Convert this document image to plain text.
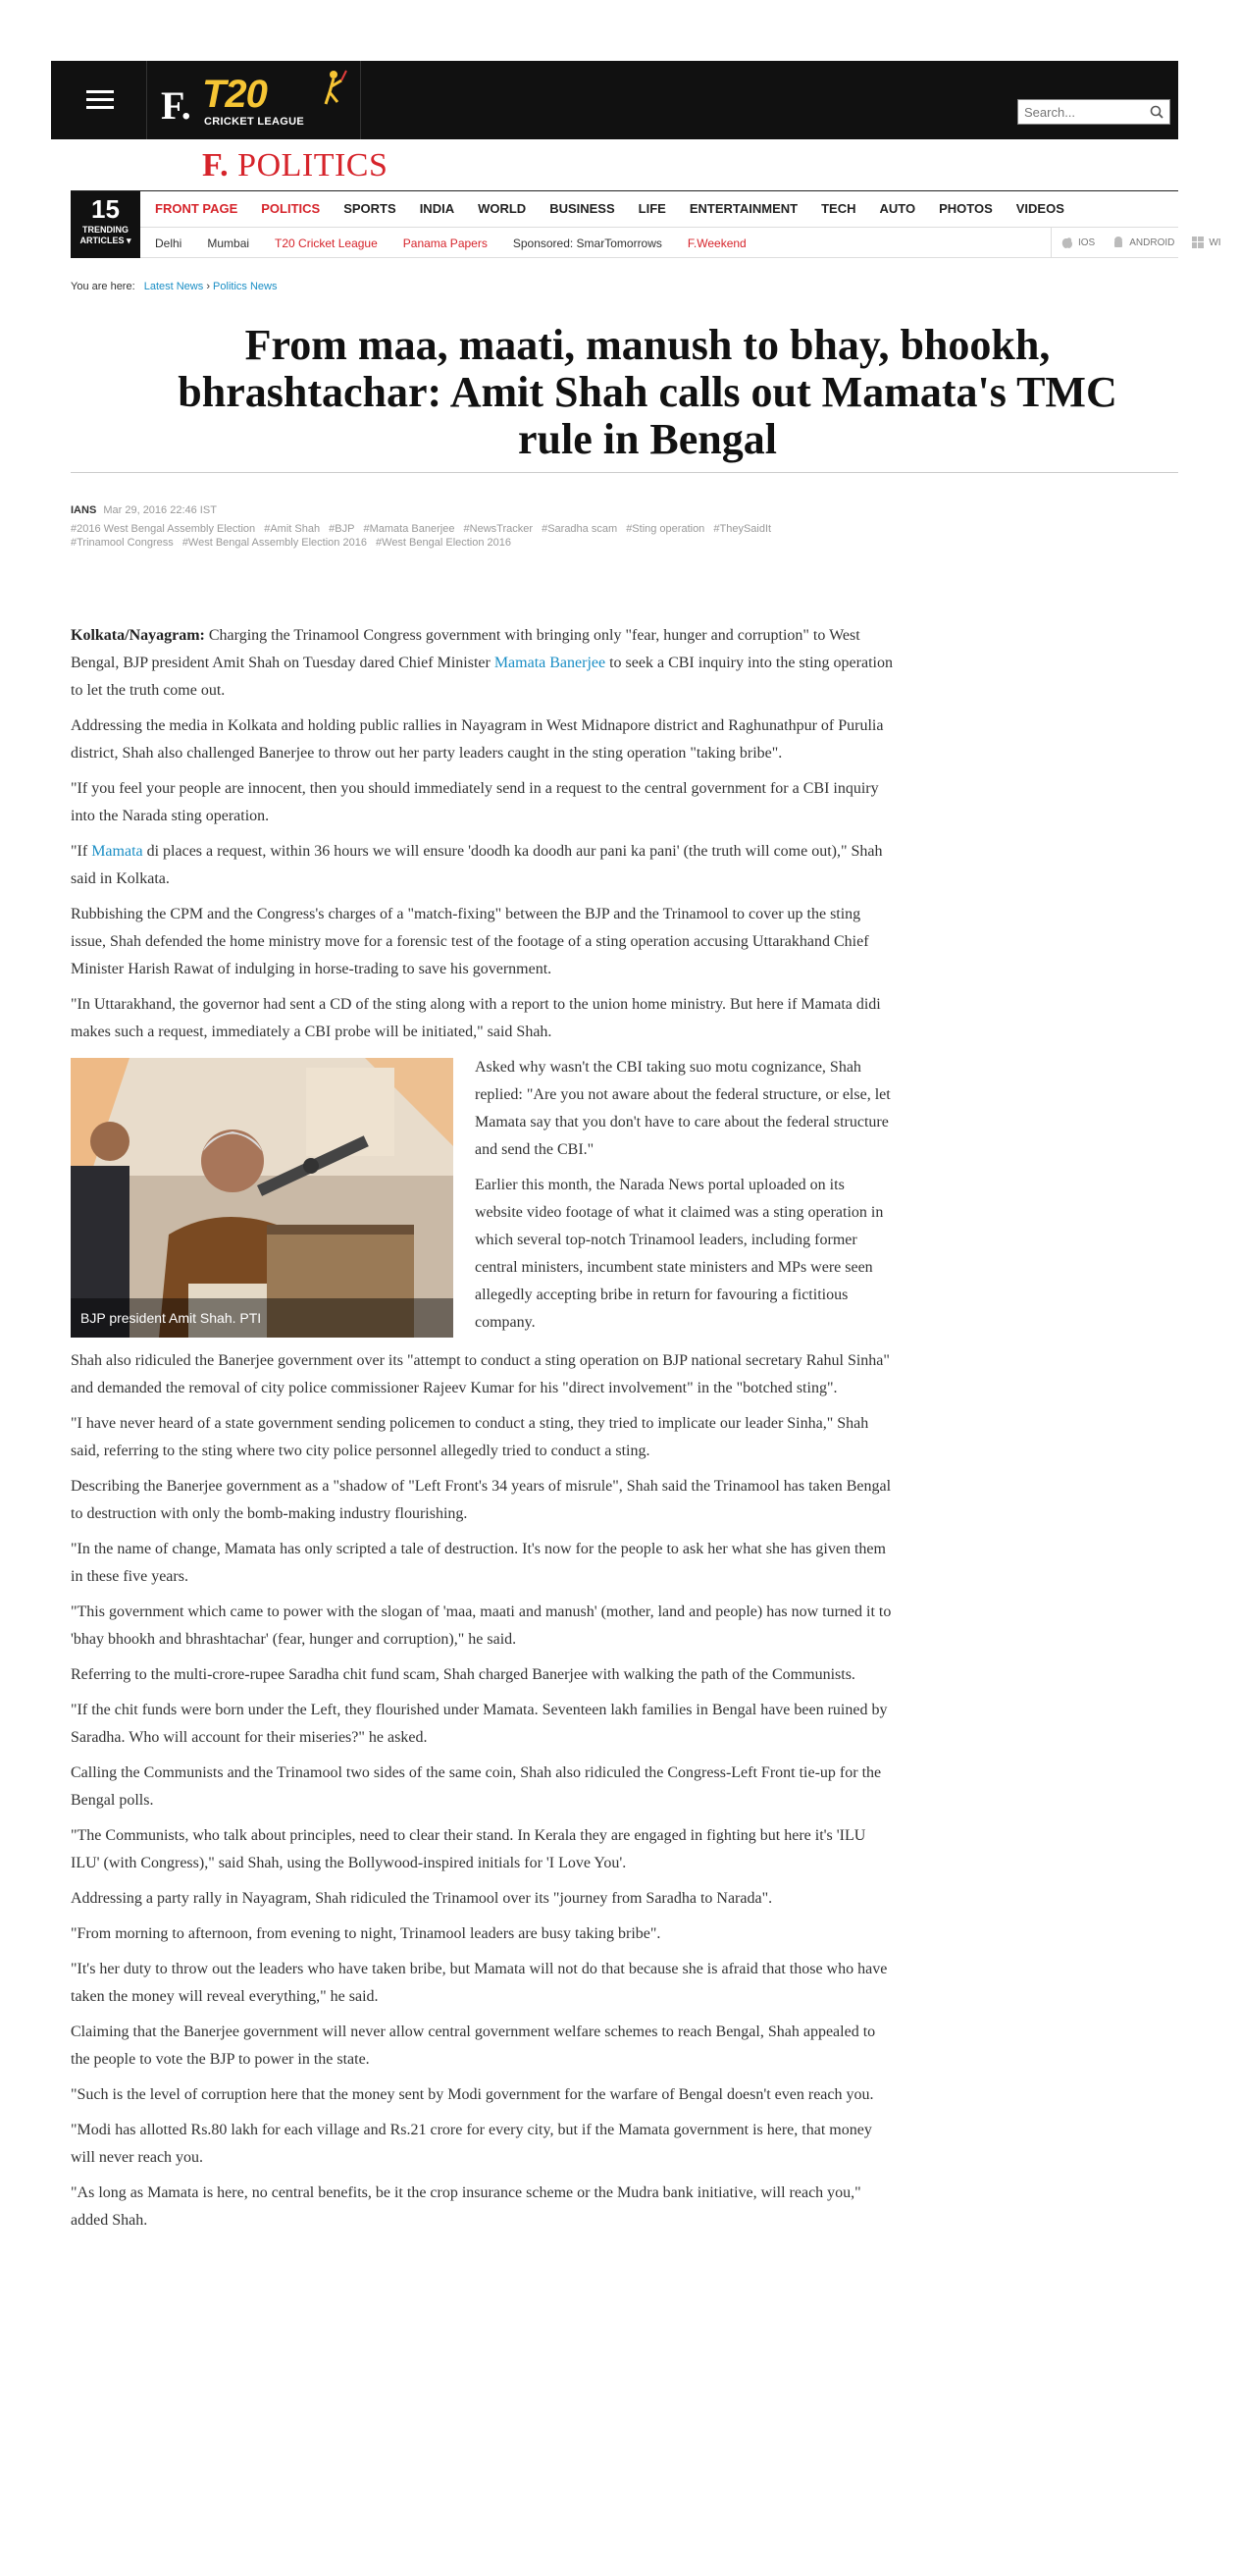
F. T20
CRICKET LEAGUE
Search...
F. POLITICS
15
TRENDING ARTICLES ▾
FRONT PAGE POLITICS SPORTS INDIA WORLD BUSINESS LIFE ENTERTAINMENT TECH AUTO PHOTOS VIDEOS
Delhi Mumbai T20 Cricket League Panama Papers Sponsored: SmarTomorrows F.Weekend	IOS	ANDROID	WI
You are here: Latest News › Politics News
From maa, maati, manush to bhay, bhookh, bhrashtachar: Amit Shah calls out Mamata's TMC rule in Bengal
IANS Mar 29, 2016 22:46 IST
#2016 West Bengal Assembly Election #Amit Shah #BJP #Mamata Banerjee #NewsTracker #Saradha scam #Sting operation #TheySaidIt #Trinamool Congress #West Bengal Assembly Election 2016 #West Bengal Election 2016

Kolkata/Nayagram: Charging the Trinamool Congress government with bringing only "fear, hunger and corruption" to West Bengal, BJP president Amit Shah on Tuesday dared Chief Minister Mamata Banerjee to seek a CBI inquiry into the sting operation to let the truth come out.

Addressing the media in Kolkata and holding public rallies in Nayagram in West Midnapore district and Raghunathpur of Purulia district, Shah also challenged Banerjee to throw out her party leaders caught in the sting operation "taking bribe".

"If you feel your people are innocent, then you should immediately send in a request to the central government for a CBI inquiry into the Narada sting operation.

"If Mamata di places a request, within 36 hours we will ensure 'doodh ka doodh aur pani ka pani' (the truth will come out)," Shah said in Kolkata.

Rubbishing the CPM and the Congress's charges of a "match-fixing" between the BJP and the Trinamool to cover up the sting issue, Shah defended the home ministry move for a forensic test of the footage of a sting operation accusing Uttarakhand Chief Minister Harish Rawat of indulging in horse-trading to save his government.

"In Uttarakhand, the governor had sent a CD of the sting along with a report to the union home ministry. But here if Mamata didi makes such a request, immediately a CBI probe will be initiated," said Shah.

BJP president Amit Shah. PTI

Asked why wasn't the CBI taking suo motu cognizance, Shah replied: "Are you not aware about the federal structure, or else, let Mamata say that you don't have to care about the federal structure and send the CBI."

Earlier this month, the Narada News portal uploaded on its website video footage of what it claimed was a sting operation in which several top-notch Trinamool leaders, including former central ministers, incumbent state ministers and MPs were seen allegedly accepting bribe in return for favouring a fictitious company.

Shah also ridiculed the Banerjee government over its "attempt to conduct a sting operation on BJP national secretary Rahul Sinha" and demanded the removal of city police commissioner Rajeev Kumar for his "direct involvement" in the "botched sting".

"I have never heard of a state government sending policemen to conduct a sting, they tried to implicate our leader Sinha," Shah said, referring to the sting where two city police personnel allegedly tried to conduct a sting.

Describing the Banerjee government as a "shadow of "Left Front's 34 years of misrule", Shah said the Trinamool has taken Bengal to destruction with only the bomb-making industry flourishing.

"In the name of change, Mamata has only scripted a tale of destruction. It's now for the people to ask her what she has given them in these five years.

"This government which came to power with the slogan of 'maa, maati and manush' (mother, land and people) has now turned it to 'bhay bhookh and bhrashtachar' (fear, hunger and corruption)," he said.

Referring to the multi-crore-rupee Saradha chit fund scam, Shah charged Banerjee with walking the path of the Communists.

"If the chit funds were born under the Left, they flourished under Mamata. Seventeen lakh families in Bengal have been ruined by Saradha. Who will account for their miseries?" he asked.

Calling the Communists and the Trinamool two sides of the same coin, Shah also ridiculed the Congress-Left Front tie-up for the Bengal polls.

"The Communists, who talk about principles, need to clear their stand. In Kerala they are engaged in fighting but here it's 'ILU ILU' (with Congress)," said Shah, using the Bollywood-inspired initials for 'I Love You'.

Addressing a party rally in Nayagram, Shah ridiculed the Trinamool over its "journey from Saradha to Narada".

"From morning to afternoon, from evening to night, Trinamool leaders are busy taking bribe".

"It's her duty to throw out the leaders who have taken bribe, but Mamata will not do that because she is afraid that those who have taken the money will reveal everything," he said.

Claiming that the Banerjee government will never allow central government welfare schemes to reach Bengal, Shah appealed to the people to vote the BJP to power in the state.

"Such is the level of corruption here that the money sent by Modi government for the warfare of Bengal doesn't even reach you.

"Modi has allotted Rs.80 lakh for each village and Rs.21 crore for every city, but if the Mamata government is here, that money will never reach you.

"As long as Mamata is here, no central benefits, be it the crop insurance scheme or the Mudra bank initiative, will reach you," added Shah.
